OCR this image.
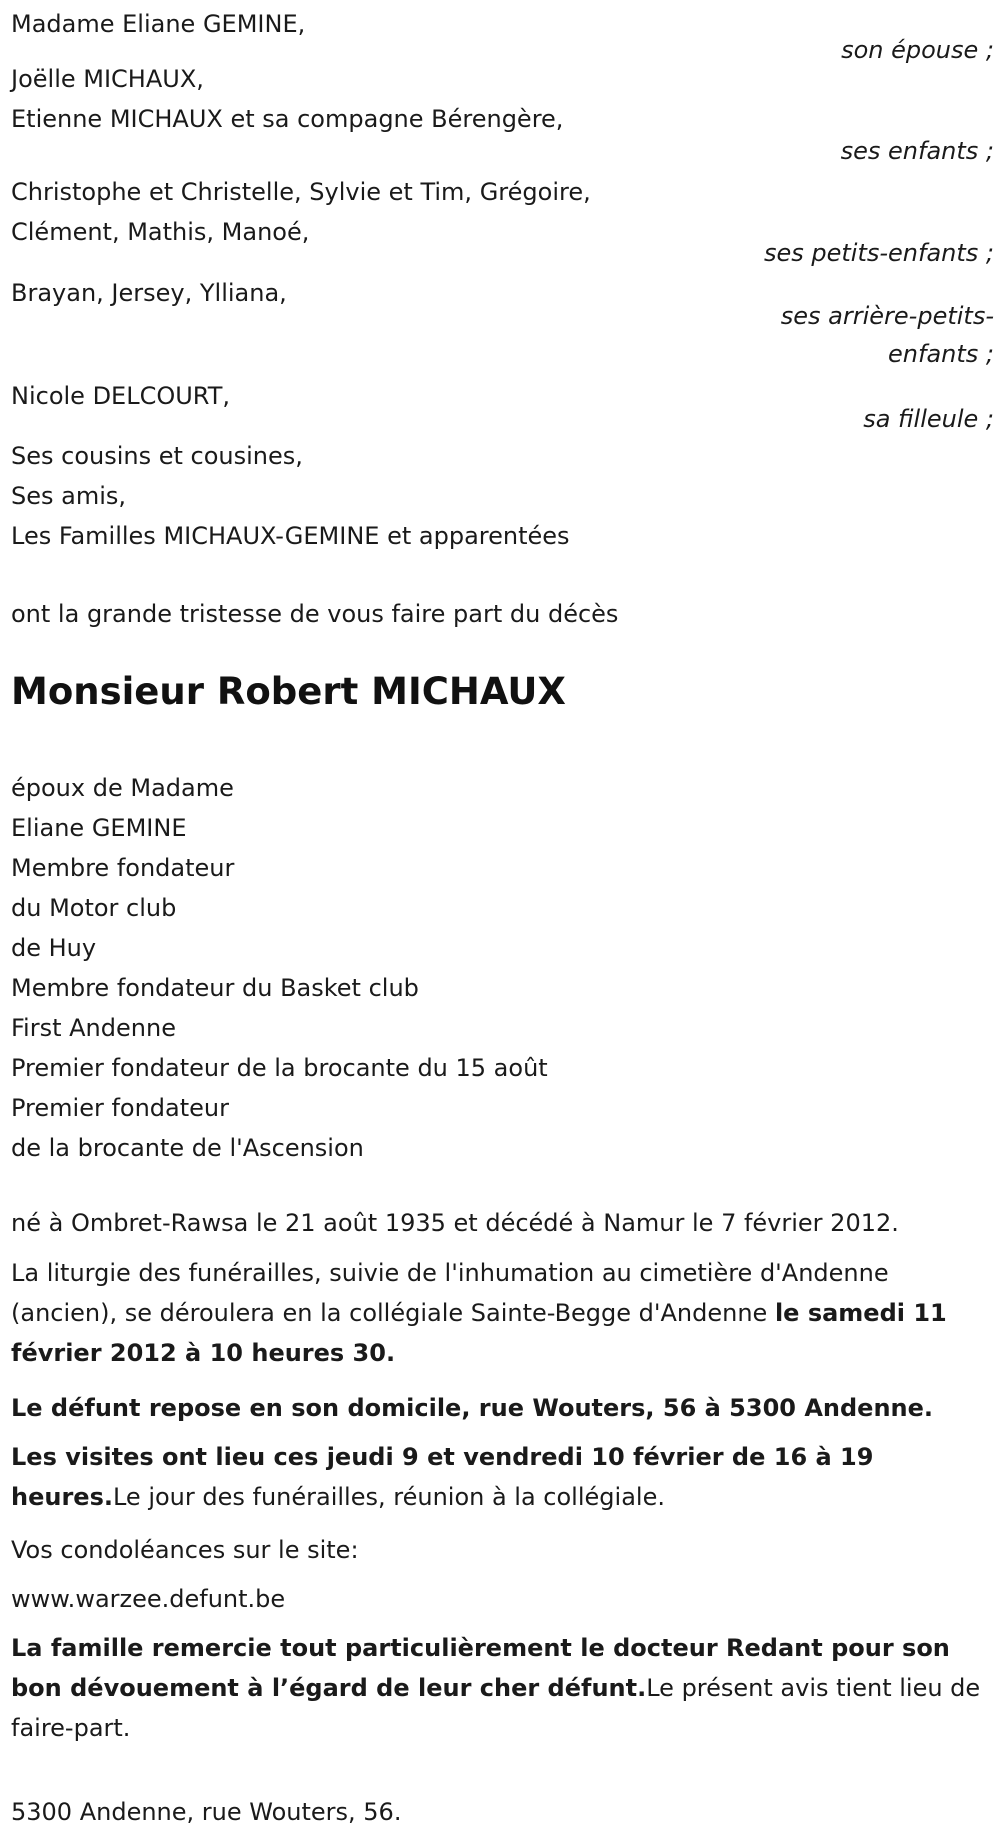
Madame Eliane GEMINE,
son épouse ;
Joëlle MICHAUX,
Etienne MICHAUX et sa compagne Bérengère,
ses enfants ;
Christophe et Christelle, Sylvie et Tim, Grégoire,
Clément, Mathis, Manoé,
ses petits-enfants ;
Brayan, Jersey, Ylliana,
ses arrière-petits-
enfants ;
Nicole DELCOURT,
sa filleule ;
Ses cousins et cousines,
Ses amis,
Les Familles MICHAUX-GEMINE et apparentées
ont la grande tristesse de vous faire part du décès
Monsieur Robert MICHAUX
époux de Madame
Eliane GEMINE
Membre fondateur
du Motor club
de Huy
Membre fondateur du Basket club
First Andenne
Premier fondateur de la brocante du 15 août
Premier fondateur
de la brocante de l'Ascension
né à Ombret-Rawsa le 21 août 1935 et décédé à Namur le 7 février 2012.
La liturgie des funérailles, suivie de l'inhumation au cimetière d'Andenne (ancien), se déroulera en la collégiale Sainte-Begge d'Andenne le samedi 11 février 2012 à 10 heures 30.
Le défunt repose en son domicile, rue Wouters, 56 à 5300 Andenne.
Les visites ont lieu ces jeudi 9 et vendredi 10 février de 16 à 19 heures.Le jour des funérailles, réunion à la collégiale.
Vos condoléances sur le site:
www.warzee.defunt.be
La famille remercie tout particulièrement le docteur Redant pour son bon dévouement à l’égard de leur cher défunt.Le présent avis tient lieu de faire-part.
5300 Andenne, rue Wouters, 56.
